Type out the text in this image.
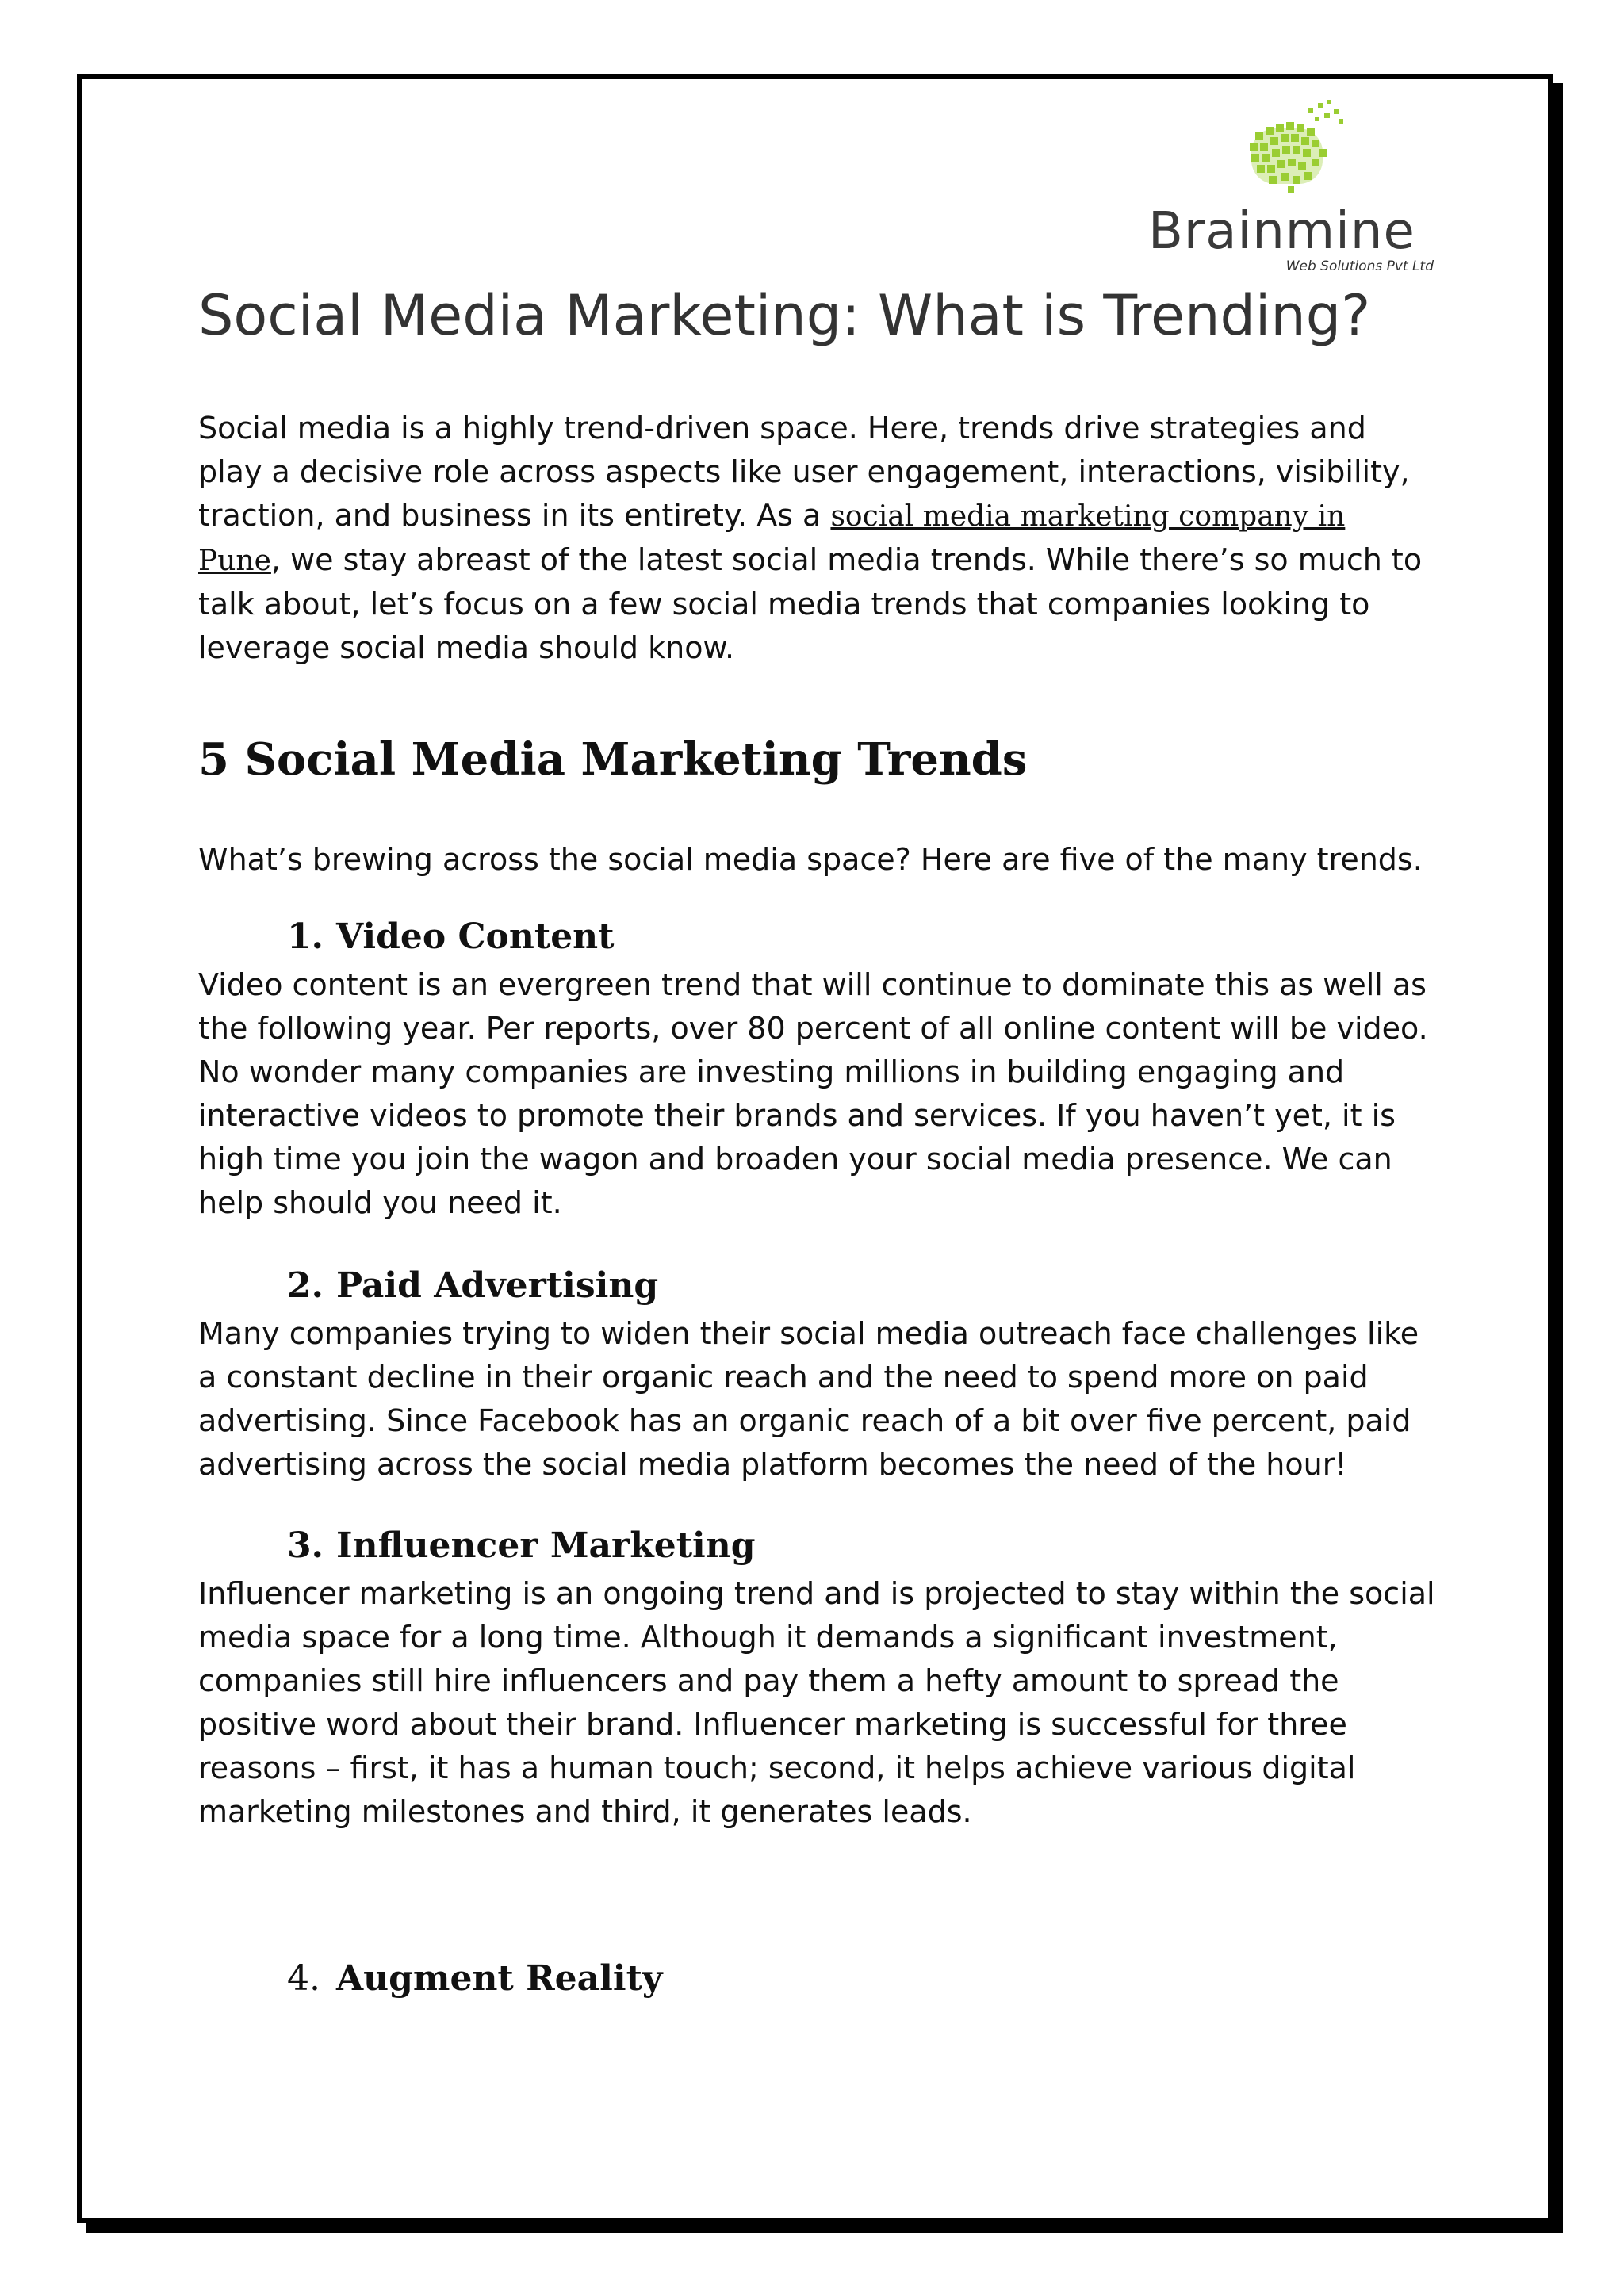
Brainmine
Web Solutions Pvt Ltd
Social Media Marketing: What is Trending?

Social media is a highly trend-driven space. Here, trends drive strategies and play a decisive role across aspects like user engagement, interactions, visibility, traction, and business in its entirety. As a social media marketing company in Pune, we stay abreast of the latest social media trends. While there’s so much to talk about, let’s focus on a few social media trends that companies looking to leverage social media should know.

5 Social Media Marketing Trends

What’s brewing across the social media space? Here are five of the many trends.

1. Video Content

Video content is an evergreen trend that will continue to dominate this as well as the following year. Per reports, over 80 percent of all online content will be video. No wonder many companies are investing millions in building engaging and interactive videos to promote their brands and services. If you haven’t yet, it is high time you join the wagon and broaden your social media presence. We can help should you need it.

2. Paid Advertising

Many companies trying to widen their social media outreach face challenges like a constant decline in their organic reach and the need to spend more on paid advertising. Since Facebook has an organic reach of a bit over five percent, paid advertising across the social media platform becomes the need of the hour!

3. Influencer Marketing

Influencer marketing is an ongoing trend and is projected to stay within the social media space for a long time. Although it demands a significant investment, companies still hire influencers and pay them a hefty amount to spread the positive word about their brand. Influencer marketing is successful for three reasons – first, it has a human touch; second, it helps achieve various digital marketing milestones and third, it generates leads.

4. Augment Reality
